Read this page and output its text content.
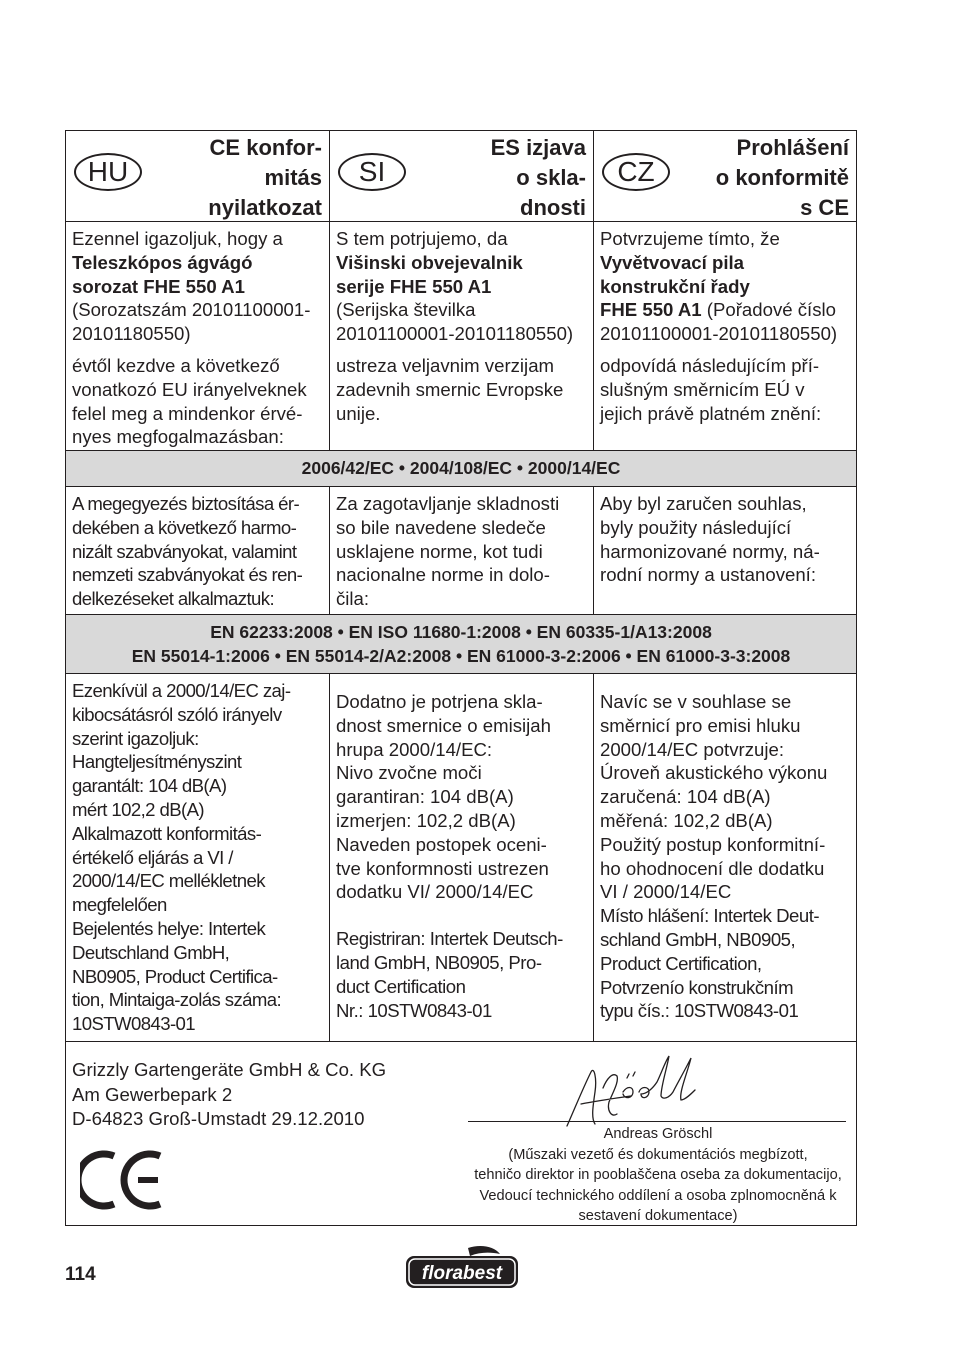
HU
CE konfor-
mitás
nyilatkozat
SI
ES izjava
o skla-
dnosti
CZ
Prohlášení
o konformitě
s CE
Ezennel igazoljuk, hogy a
Teleszkópos ágvágó
sorozat FHE 550 A1
(Sorozatszám 20101100001-
20101180550)
évtől kezdve a következő
vonatkozó EU irányelveknek
felel meg a mindenkor érvé-
nyes megfogalmazásban:
S tem potrjujemo, da
Višinski obvejevalnik
serije FHE 550 A1
(Serijska številka
20101100001-20101180550)
ustreza veljavnim verzijam
zadevnih smernic Evropske
unije.
Potvrzujeme tímto, že
Vyvětvovací pila
konstrukční řady
FHE 550 A1 (Pořadové číslo
20101100001-20101180550)
odpovídá následujícím pří-
slušným směrnicím EÚ v
jejich právě platném znění:
2006/42/EC • 2004/108/EC • 2000/14/EC
A megegyezés biztosítása ér-
dekében a következő harmo-
nizált szabványokat, valamint
nemzeti szabványokat és ren-
delkezéseket alkalmaztuk:
Za zagotavljanje skladnosti
so bile navedene sledeče
usklajene norme, kot tudi
nacionalne norme in dolo-
čila:
Aby byl zaručen souhlas,
byly použity následující
harmonizované normy, ná-
rodní normy a ustanovení:
EN 62233:2008 • EN ISO 11680-1:2008 • EN 60335-1/A13:2008
EN 55014-1:2006 • EN 55014-2/A2:2008 • EN 61000-3-2:2006 • EN 61000-3-3:2008
Ezenkívül a 2000/14/EC zaj-
kibocsátásról szóló irányelv
szerint igazoljuk:
Hangteljesítményszint
garantált: 104 dB(A)
mért 102,2 dB(A)
Alkalmazott konformitás-
értékelő eljárás a VI /
2000/14/EC mellékletnek
megfelelően
Bejelentés helye: Intertek
Deutschland GmbH,
NB0905, Product Certifica-
tion, Mintaiga-zolás száma:
10STW0843-01
Dodatno je potrjena skla-
dnost smernice o emisijah
hrupa 2000/14/EC:
Nivo zvočne moči
garantiran: 104 dB(A)
izmerjen: 102,2 dB(A)
Naveden postopek oceni-
tve konformnosti ustrezen
dodatku VI/ 2000/14/EC
Registriran: Intertek Deutsch-
land GmbH, NB0905, Pro-
duct Certification
Nr.: 10STW0843-01
Navíc se v souhlase se
směrnicí pro emisi hluku
2000/14/EC potvrzuje:
Úroveň akustického výkonu
zaručená: 104 dB(A)
měřená: 102,2 dB(A)
Použitý postup konformitní-
ho ohodnocení dle dodatku
VI / 2000/14/EC
Místo hlášení: Intertek Deut-
schland GmbH, NB0905,
Product Certification,
Potvrzenío konstrukčním
typu čís.: 10STW0843-01
Grizzly Gartengeräte GmbH & Co. KG
Am Gewerbepark 2
D-64823 Groß-Umstadt 29.12.2010
Andreas Gröschl
(Műszaki vezető és dokumentációs megbízott,
tehničo direktor in pooblaščena oseba za dokumentacijo,
Vedoucí technického oddílení a osoba zplnomocněná k
sestavení dokumentace)
114	florabest
